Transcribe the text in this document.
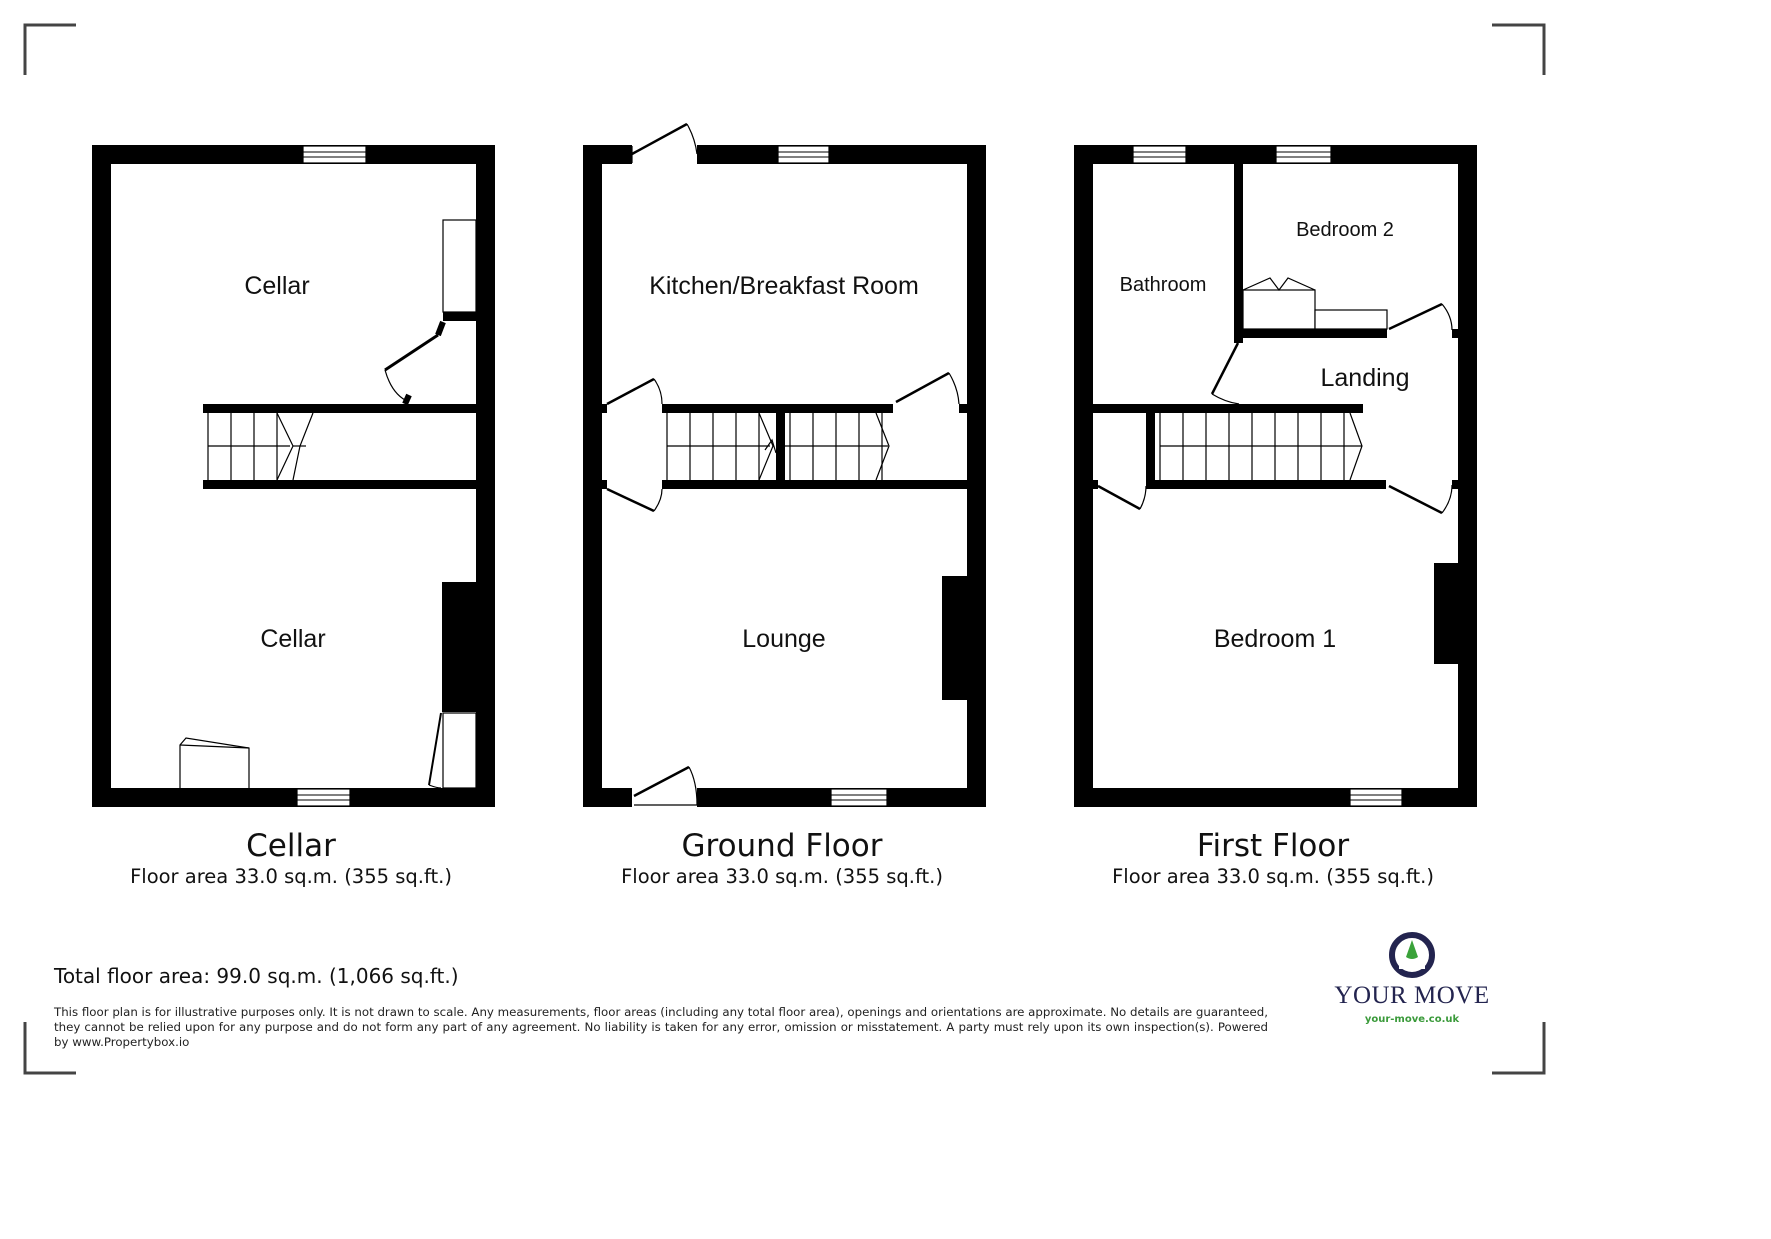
Cellar
Cellar
Kitchen/Breakfast Room
Lounge
Bedroom 2
Bathroom
Landing
Bedroom 1
Cellar
Floor area 33.0 sq.m. (355 sq.ft.)
Ground Floor
Floor area 33.0 sq.m. (355 sq.ft.)
First Floor
Floor area 33.0 sq.m. (355 sq.ft.)
Total floor area: 99.0 sq.m. (1,066 sq.ft.)
This floor plan is for illustrative purposes only. It is not drawn to scale. Any measurements, floor areas (including any total floor area), openings and orientations are approximate. No details are guaranteed, they cannot be relied upon for any purpose and do not form any part of any agreement. No liability is taken for any error, omission or misstatement. A party must rely upon its own inspection(s). Powered by www.Propertybox.io
YOUR MOVE
your-move.co.uk
